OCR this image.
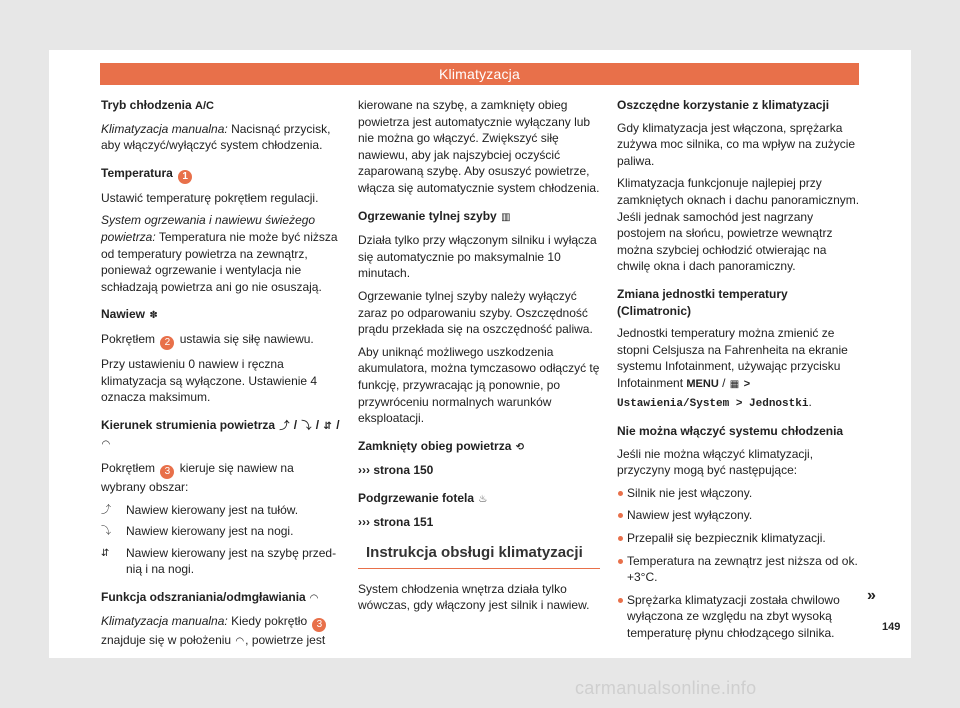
Klimatyzacja

Tryb chłodzenia A/C

Klimatyzacja manualna: Nacisnąć przycisk, aby włączyć/wyłączyć system chłodzenia.

Temperatura 1

Ustawić temperaturę pokrętłem regulacji.

System ogrzewania i nawiewu świeżego powietrza: Temperatura nie może być niższa od temperatury powietrza na zewnątrz, ponieważ ogrzewanie i wentylacja nie schładzają powietrza ani go nie osuszają.

Nawiew ✽

Pokrętłem 2 ustawia się siłę nawiewu.

Przy ustawieniu 0 nawiew i ręczna klimatyzacja są wyłączone. Ustawienie 4 oznacza maksimum.

Kierunek strumienia powietrza ⤴ / ⤵ / ⇵ / ◠

Pokrętłem 3 kieruje się nawiew na wybrany obszar:

⤴	Nawiew kierowany jest na tułów.
⤵	Nawiew kierowany jest na nogi.
⇵	Nawiew kierowany jest na szybę przed- nią i na nogi.

Funkcja odszraniania/odmgławiania ◠

Klimatyzacja manualna: Kiedy pokrętło 3 znajduje się w położeniu ◠, powietrze jest

kierowane na szybę, a zamknięty obieg powietrza jest automatycznie wyłączany lub nie można go włączyć. Zwiększyć siłę nawiewu, aby jak najszybciej oczyścić zaparowaną szybę. Aby osuszyć powietrze, włącza się automatycznie system chłodzenia.

Ogrzewanie tylnej szyby ▥

Działa tylko przy włączonym silniku i wyłącza się automatycznie po maksymalnie 10 minutach.

Ogrzewanie tylnej szyby należy wyłączyć zaraz po odparowaniu szyby. Oszczędność prądu przekłada się na oszczędność paliwa.

Aby uniknąć możliwego uszkodzenia akumulatora, można tymczasowo odłączyć tę funkcję, przywracając ją ponownie, po przywróceniu normalnych warunków eksploatacji.

Zamknięty obieg powietrza ⟲

››› strona 150

Podgrzewanie fotela ♨

››› strona 151

Instrukcja obsługi klimatyzacji

System chłodzenia wnętrza działa tylko wówczas, gdy włączony jest silnik i nawiew.

Oszczędne korzystanie z klimatyzacji

Gdy klimatyzacja jest włączona, sprężarka zużywa moc silnika, co ma wpływ na zużycie paliwa.

Klimatyzacja funkcjonuje najlepiej przy zamkniętych oknach i dachu panoramicznym. Jeśli jednak samochód jest nagrzany postojem na słońcu, powietrze wewnątrz można szybciej ochłodzić otwierając na chwilę okna i dach panoramiczny.

Zmiana jednostki temperatury (Climatronic)

Jednostki temperatury można zmienić ze stopni Celsjusza na Fahrenheita na ekranie systemu Infotainment, używając przycisku Infotainment MENU / ▦ > Ustawienia/System > Jednostki.

Nie można włączyć systemu chłodzenia

Jeśli nie można włączyć klimatyzacji, przyczyny mogą być następujące:

Silnik nie jest włączony.

Nawiew jest wyłączony.

Przepalił się bezpiecznik klimatyzacji.

Temperatura na zewnątrz jest niższa od ok. +3°C.

Sprężarka klimatyzacji została chwilowo wyłączona ze względu na zbyt wysoką temperaturę płynu chłodzącego silnika.

»
149
carmanualsonline.info
